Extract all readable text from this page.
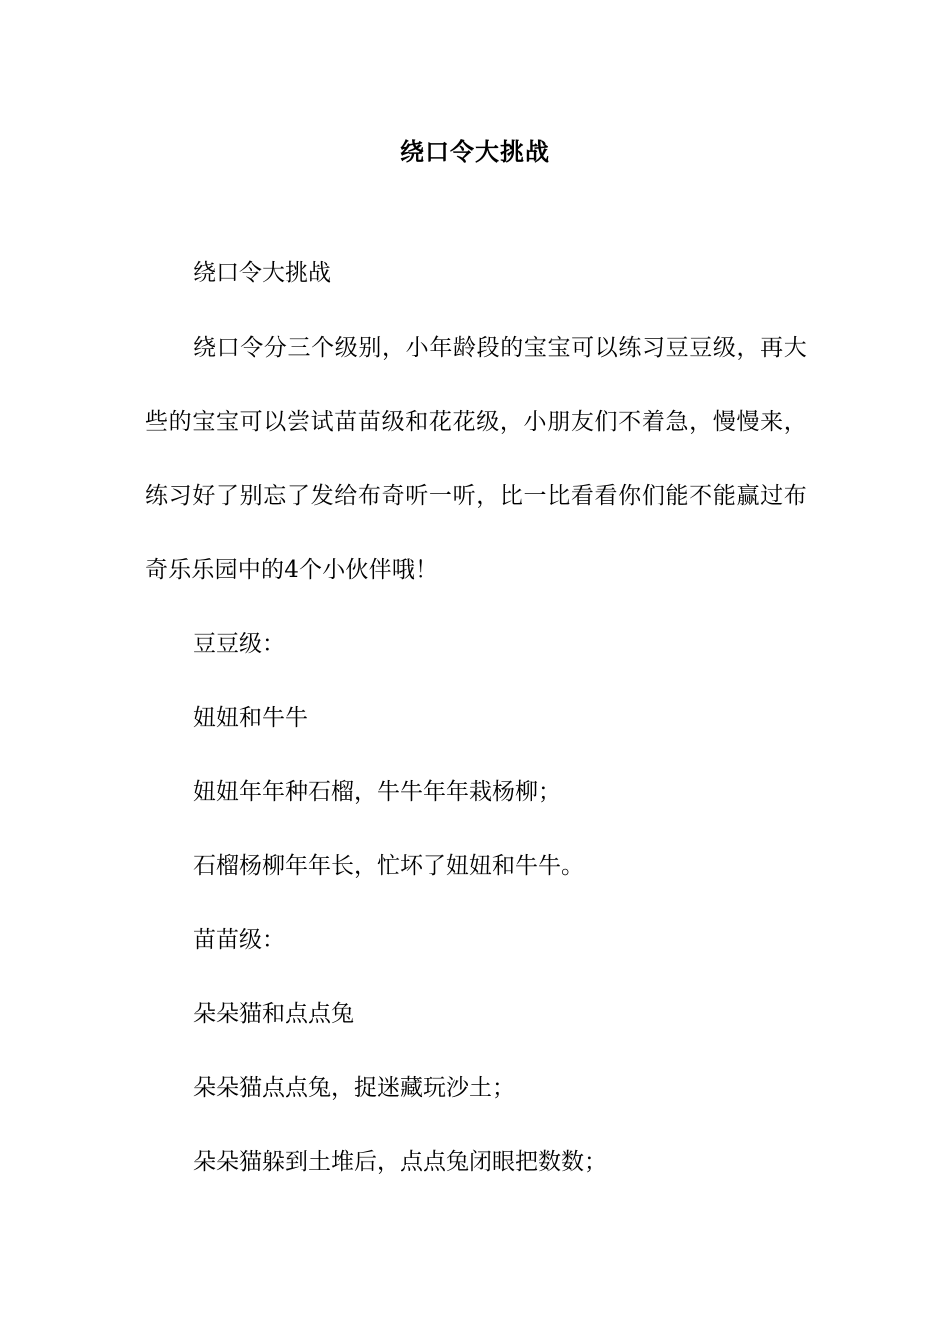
绕口令大挑战

绕口令大挑战

绕口令分三个级别，小年龄段的宝宝可以练习豆豆级，再大些的宝宝可以尝试苗苗级和花花级，小朋友们不着急，慢慢来，练习好了别忘了发给布奇听一听，比一比看看你们能不能赢过布奇乐乐园中的4个小伙伴哦！

豆豆级：

妞妞和牛牛

妞妞年年种石榴，牛牛年年栽杨柳；

石榴杨柳年年长，忙坏了妞妞和牛牛。

苗苗级：

朵朵猫和点点兔

朵朵猫点点兔，捉迷藏玩沙土；

朵朵猫躲到土堆后，点点兔闭眼把数数；
